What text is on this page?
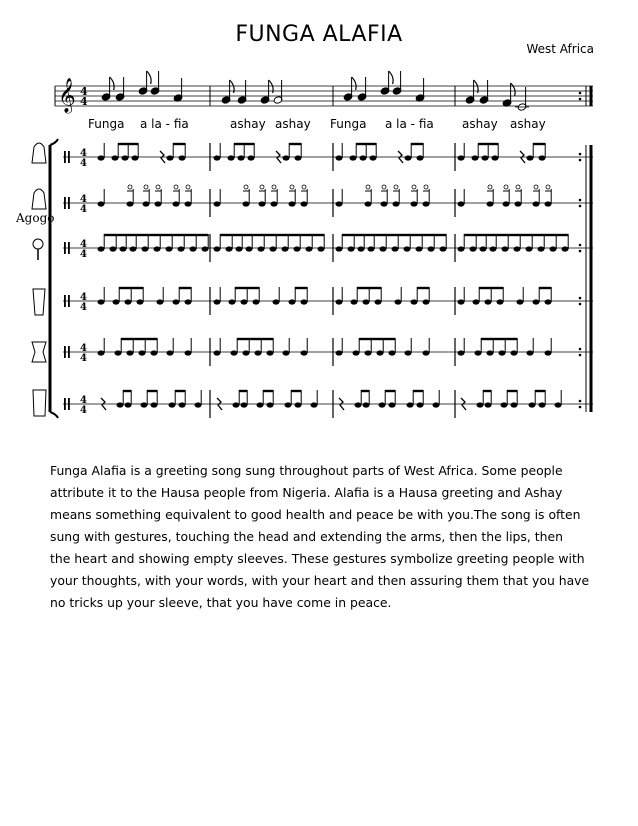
FUNGA ALAFIA
West Africa
𝄞 4
4
Funga a la - fia	ashay ashay Funga a la - fia ashay ashay
4
4
4
4
4
4
4
4
4
4
4
4
Agogo

Funga Alafia is a greeting song sung throughout parts of West Africa. Some people

attribute it to the Hausa people from Nigeria. Alafia is a Hausa greeting and Ashay

means something equivalent to good health and peace be with you.The song is often

sung with gestures, touching the head and extending the arms, then the lips, then

the heart and showing empty sleeves. These gestures symbolize greeting people with

your thoughts, with your words, with your heart and then assuring them that you have

no tricks up your sleeve, that you have come in peace.
